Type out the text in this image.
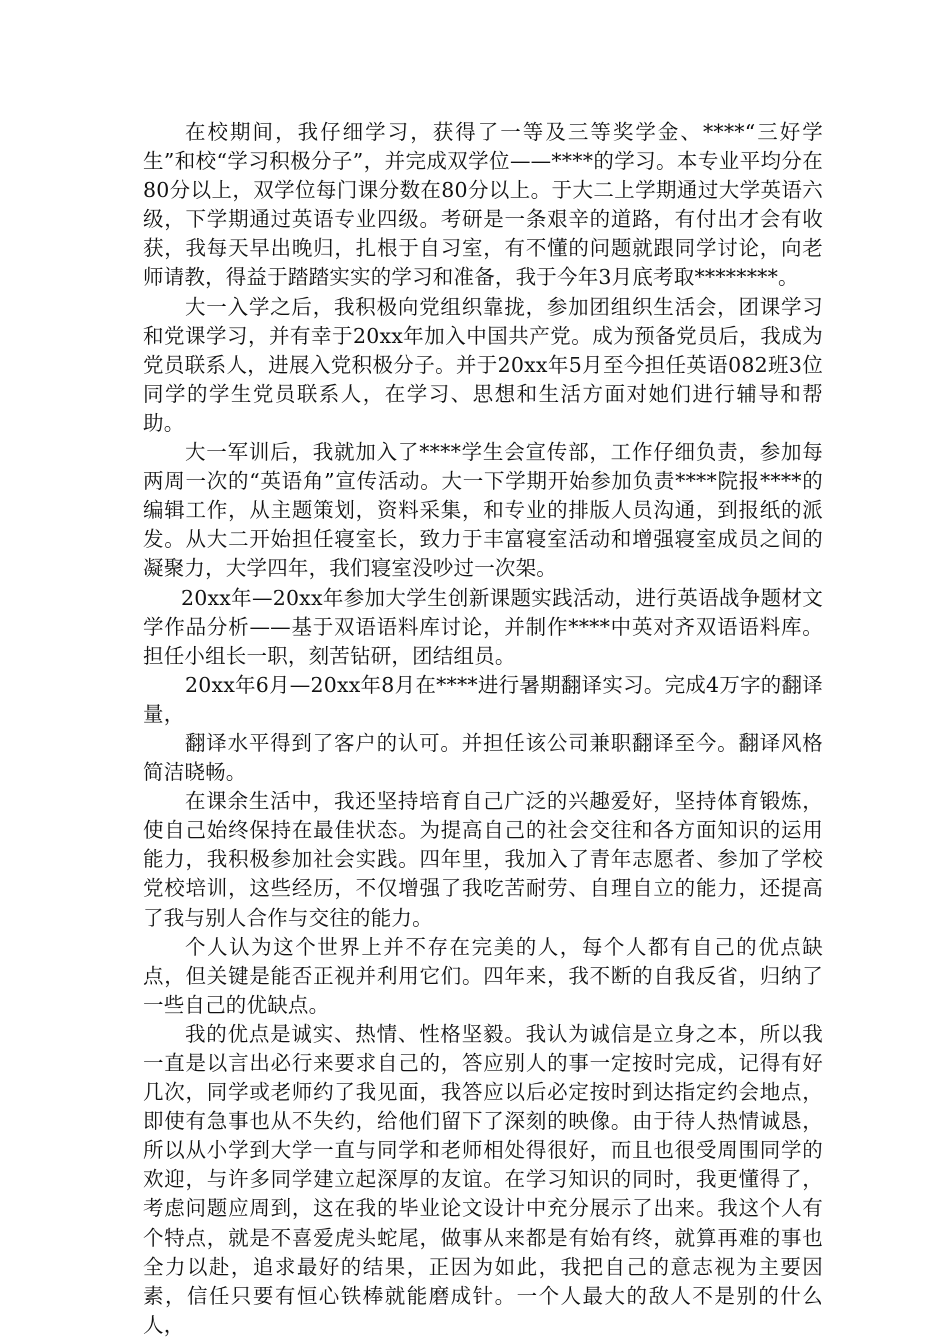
在校期间，我仔细学习，获得了一等及三等奖学金、****“三好学生”和校“学习积极分子”，并完成双学位——****的学习。本专业平均分在80分以上，双学位每门课分数在80分以上。于大二上学期通过大学英语六级，下学期通过英语专业四级。考研是一条艰辛的道路，有付出才会有收获，我每天早出晚归，扎根于自习室，有不懂的问题就跟同学讨论，向老师请教，得益于踏踏实实的学习和准备，我于今年3月底考取********。

大一入学之后，我积极向党组织靠拢，参加团组织生活会，团课学习和党课学习，并有幸于20xx年加入中国共产党。成为预备党员后，我成为党员联系人，进展入党积极分子。并于20xx年5月至今担任英语082班3位同学的学生党员联系人，在学习、思想和生活方面对她们进行辅导和帮助。

大一军训后，我就加入了****学生会宣传部，工作仔细负责，参加每两周一次的“英语角”宣传活动。大一下学期开始参加负责****院报****的编辑工作，从主题策划，资料采集，和专业的排版人员沟通，到报纸的派发。从大二开始担任寝室长，致力于丰富寝室活动和增强寝室成员之间的凝聚力，大学四年，我们寝室没吵过一次架。

20xx年—20xx年参加大学生创新课题实践活动，进行英语战争题材文学作品分析——基于双语语料库讨论，并制作****中英对齐双语语料库。担任小组长一职，刻苦钻研，团结组员。

20xx年6月—20xx年8月在****进行暑期翻译实习。完成4万字的翻译量，

翻译水平得到了客户的认可。并担任该公司兼职翻译至今。翻译风格简洁晓畅。

在课余生活中，我还坚持培育自己广泛的兴趣爱好，坚持体育锻炼，使自己始终保持在最佳状态。为提高自己的社会交往和各方面知识的运用能力，我积极参加社会实践。四年里，我加入了青年志愿者、参加了学校党校培训，这些经历，不仅增强了我吃苦耐劳、自理自立的能力，还提高了我与别人合作与交往的能力。

个人认为这个世界上并不存在完美的人，每个人都有自己的优点缺点，但关键是能否正视并利用它们。四年来，我不断的自我反省，归纳了一些自己的优缺点。

我的优点是诚实、热情、性格坚毅。我认为诚信是立身之本，所以我一直是以言出必行来要求自己的，答应别人的事一定按时完成，记得有好几次，同学或老师约了我见面，我答应以后必定按时到达指定约会地点，即使有急事也从不失约，给他们留下了深刻的映像。由于待人热情诚恳，所以从小学到大学一直与同学和老师相处得很好，而且也很受周围同学的欢迎，与许多同学建立起深厚的友谊。在学习知识的同时，我更懂得了，考虑问题应周到，这在我的毕业论文设计中充分展示了出来。我这个人有个特点，就是不喜爱虎头蛇尾，做事从来都是有始有终，就算再难的事也全力以赴，追求最好的结果，正因为如此，我把自己的意志视为主要因素，信任只要有恒心铁棒就能磨成针。一个人最大的敌人不是别的什么人，
